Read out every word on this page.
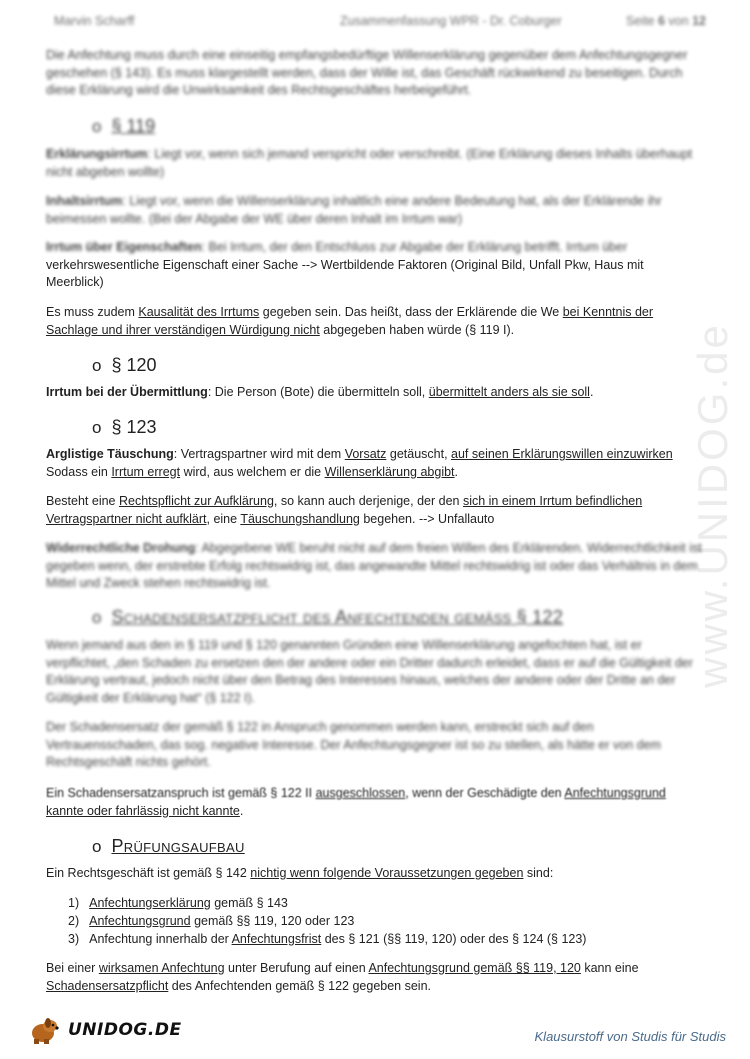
Marvin Scharff	Zusammenfassung WPR - Dr. Coburger	Seite 6 von 12
www.UNIDOG.de

Die Anfechtung muss durch eine einseitig empfangsbedürftige Willenserklärung gegenüber dem Anfechtungsgegner

geschehen (§ 143). Es muss klargestellt werden, dass der Wille ist, das Geschäft rückwirkend zu beseitigen. Durch

diese Erklärung wird die Unwirksamkeit des Rechtsgeschäftes herbeigeführt.

o § 119
Erklärungsirrtum: Liegt vor, wenn sich jemand verspricht oder verschreibt. (Eine Erklärung dieses Inhalts überhaupt nicht abgeben wollte)
Inhaltsirrtum: Liegt vor, wenn die Willenserklärung inhaltlich eine andere Bedeutung hat, als der Erklärende ihr beimessen wollte. (Bei der Abgabe der WE über deren Inhalt im Irrtum war)

Irrtum über Eigenschaften: Bei Irrtum, der den Entschluss zur Abgabe der Erklärung betrifft. Irrtum über

verkehrswesentliche Eigenschaft einer Sache --> Wertbildende Faktoren (Original Bild, Unfall Pkw, Haus mit

Meerblick)

Es muss zudem Kausalität des Irrtums gegeben sein. Das heißt, dass der Erklärende die We bei Kenntnis der

Sachlage und ihrer verständigen Würdigung nicht abgegeben haben würde (§ 119 I).

o § 120
Irrtum bei der Übermittlung: Die Person (Bote) die übermitteln soll, übermittelt anders als sie soll.
o § 123

Arglistige Täuschung: Vertragspartner wird mit dem Vorsatz getäuscht, auf seinen Erklärungswillen einzuwirken

Sodass ein Irrtum erregt wird, aus welchem er die Willenserklärung abgibt.

Besteht eine Rechtspflicht zur Aufklärung, so kann auch derjenige, der den sich in einem Irrtum befindlichen

Vertragspartner nicht aufklärt, eine Täuschungshandlung begehen. --> Unfallauto

Widerrechtliche Drohung: Abgegebene WE beruht nicht auf dem freien Willen des Erklärenden. Widerrechtlichkeit ist gegeben wenn, der erstrebte Erfolg rechtswidrig ist, das angewandte Mittel rechtswidrig ist oder das Verhältnis in dem Mittel und Zweck stehen rechtswidrig ist.
o Schadensersatzpflicht des Anfechtenden gemäß § 122
Wenn jemand aus den in § 119 und § 120 genannten Gründen eine Willenserklärung angefochten hat, ist er verpflichtet, „den Schaden zu ersetzen den der andere oder ein Dritter dadurch erleidet, dass er auf die Gültigkeit der Erklärung vertraut, jedoch nicht über den Betrag des Interesses hinaus, welches der andere oder der Dritte an der Gültigkeit der Erklärung hat“ (§ 122 I).
Der Schadensersatz der gemäß § 122 in Anspruch genommen werden kann, erstreckt sich auf den Vertrauensschaden, das sog. negative Interesse. Der Anfechtungsgegner ist so zu stellen, als hätte er von dem Rechtsgeschäft nichts gehört.

Ein Schadensersatzanspruch ist gemäß § 122 II ausgeschlossen, wenn der Geschädigte den Anfechtungsgrund

kannte oder fahrlässig nicht kannte.

o Prüfungsaufbau
Ein Rechtsgeschäft ist gemäß § 142 nichtig wenn folgende Voraussetzungen gegeben sind:
1) Anfechtungserklärung gemäß § 143
2) Anfechtungsgrund gemäß §§ 119, 120 oder 123
3) Anfechtung innerhalb der Anfechtungsfrist des § 121 (§§ 119, 120) oder des § 124 (§ 123)

Bei einer wirksamen Anfechtung unter Berufung auf einen Anfechtungsgrund gemäß §§ 119, 120 kann eine

Schadensersatzpflicht des Anfechtenden gemäß § 122 gegeben sein.

UNIDOG.DE	Klausurstoff von Studis für Studis
